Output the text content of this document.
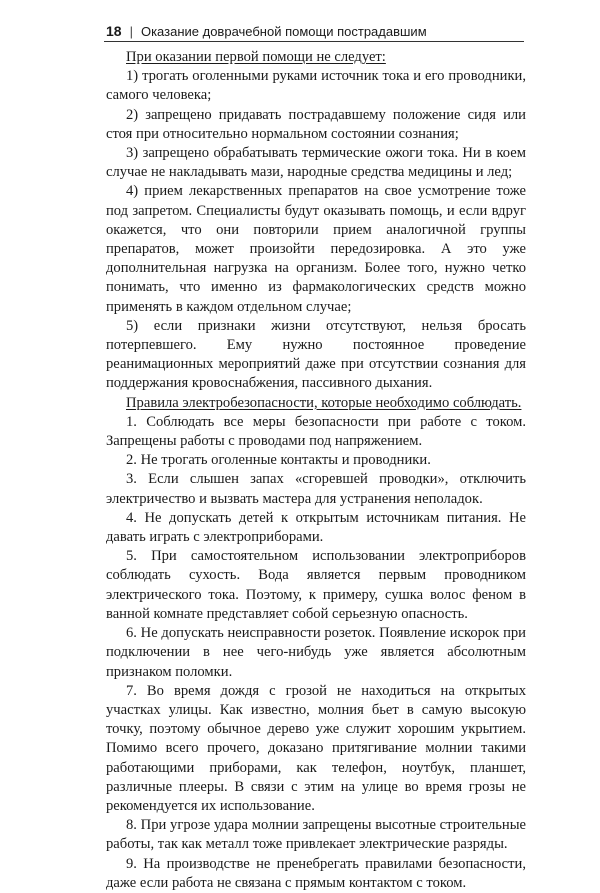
18 | Оказание доврачебной помощи пострадавшим

При оказании первой помощи не следует:

1) трогать оголенными руками источник тока и его проводники, самого человека;

2) запрещено придавать пострадавшему положение сидя или стоя при относительно нормальном состоянии сознания;

3) запрещено обрабатывать термические ожоги тока. Ни в коем случае не накладывать мази, народные средства медицины и лед;

4) прием лекарственных препаратов на свое усмотрение тоже под запретом. Специалисты будут оказывать помощь, и если вдруг окажется, что они повторили прием аналогичной группы препаратов, может произойти передозировка. А это уже дополнительная нагрузка на организм. Более того, нужно четко понимать, что именно из фармакологических средств можно применять в каждом отдельном случае;

5) если признаки жизни отсутствуют, нельзя бросать потерпевшего. Ему нужно постоянное проведение реанимационных мероприятий даже при отсутствии сознания для поддержания кровоснабжения, пассивного дыхания.

Правила электробезопасности, которые необходимо соблюдать.

1. Соблюдать все меры безопасности при работе с током. Запрещены работы с проводами под напряжением.

2. Не трогать оголенные контакты и проводники.

3. Если слышен запах «сгоревшей проводки», отключить электричество и вызвать мастера для устранения неполадок.

4. Не допускать детей к открытым источникам питания. Не давать играть с электроприборами.

5. При самостоятельном использовании электроприборов соблюдать сухость. Вода является первым проводником электрического тока. Поэтому, к примеру, сушка волос феном в ванной комнате представляет собой серьезную опасность.

6. Не допускать неисправности розеток. Появление искорок при подключении в нее чего-нибудь уже является абсолютным признаком поломки.

7. Во время дождя с грозой не находиться на открытых участках улицы. Как известно, молния бьет в самую высокую точку, поэтому обычное дерево уже служит хорошим укрытием. Помимо всего прочего, доказано притягивание молнии такими работающими приборами, как телефон, ноутбук, планшет, различные плееры. В связи с этим на улице во время грозы не рекомендуется их использование.

8. При угрозе удара молнии запрещены высотные строительные работы, так как металл тоже привлекает электрические разряды.

9. На производстве не пренебрегать правилами безопасности, даже если работа не связана с прямым контактом с током.
